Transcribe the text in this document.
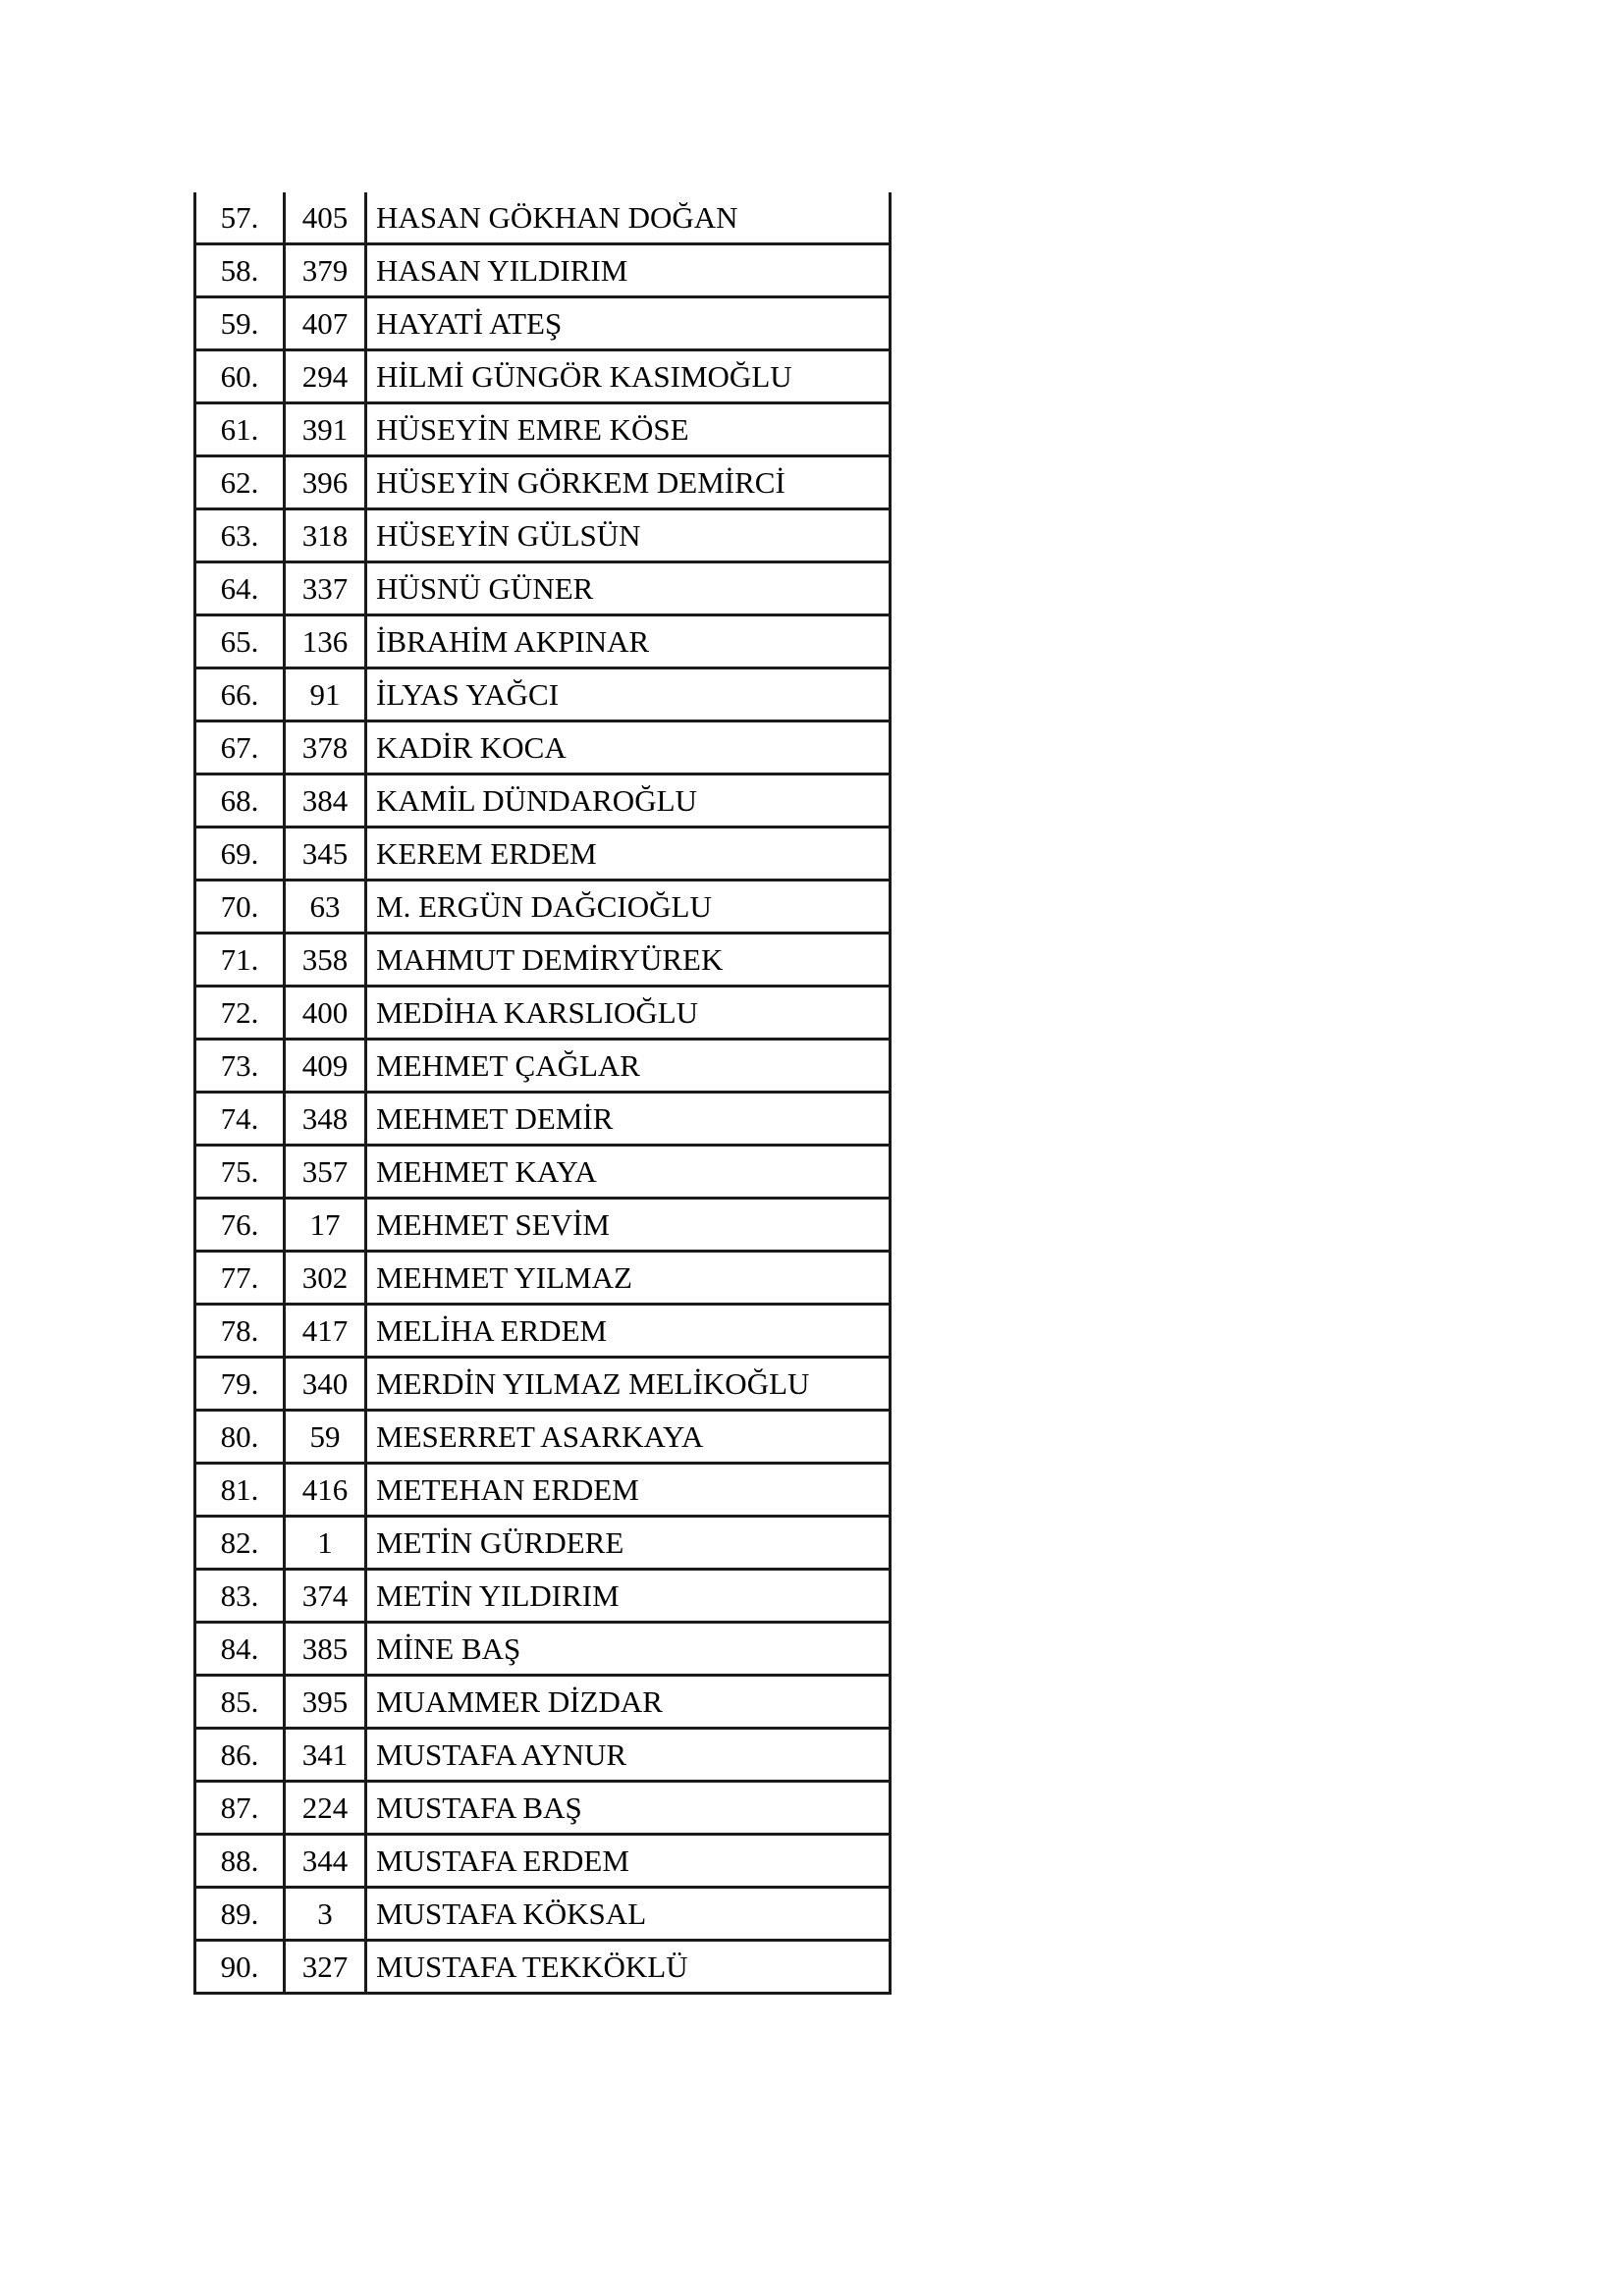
57.	405	HASAN GÖKHAN DOĞAN
58.	379	HASAN YILDIRIM
59.	407	HAYATİ ATEŞ
60.	294	HİLMİ GÜNGÖR KASIMOĞLU
61.	391	HÜSEYİN EMRE KÖSE
62.	396	HÜSEYİN GÖRKEM DEMİRCİ
63.	318	HÜSEYİN GÜLSÜN
64.	337	HÜSNÜ GÜNER
65.	136	İBRAHİM AKPINAR
66.	91	İLYAS YAĞCI
67.	378	KADİR KOCA
68.	384	KAMİL DÜNDAROĞLU
69.	345	KEREM ERDEM
70.	63	M. ERGÜN DAĞCIOĞLU
71.	358	MAHMUT DEMİRYÜREK
72.	400	MEDİHA KARSLIOĞLU
73.	409	MEHMET ÇAĞLAR
74.	348	MEHMET DEMİR
75.	357	MEHMET KAYA
76.	17	MEHMET SEVİM
77.	302	MEHMET YILMAZ
78.	417	MELİHA ERDEM
79.	340	MERDİN YILMAZ MELİKOĞLU
80.	59	MESERRET ASARKAYA
81.	416	METEHAN ERDEM
82.	1	METİN GÜRDERE
83.	374	METİN YILDIRIM
84.	385	MİNE BAŞ
85.	395	MUAMMER DİZDAR
86.	341	MUSTAFA AYNUR
87.	224	MUSTAFA BAŞ
88.	344	MUSTAFA ERDEM
89.	3	MUSTAFA KÖKSAL
90.	327	MUSTAFA TEKKÖKLÜ
